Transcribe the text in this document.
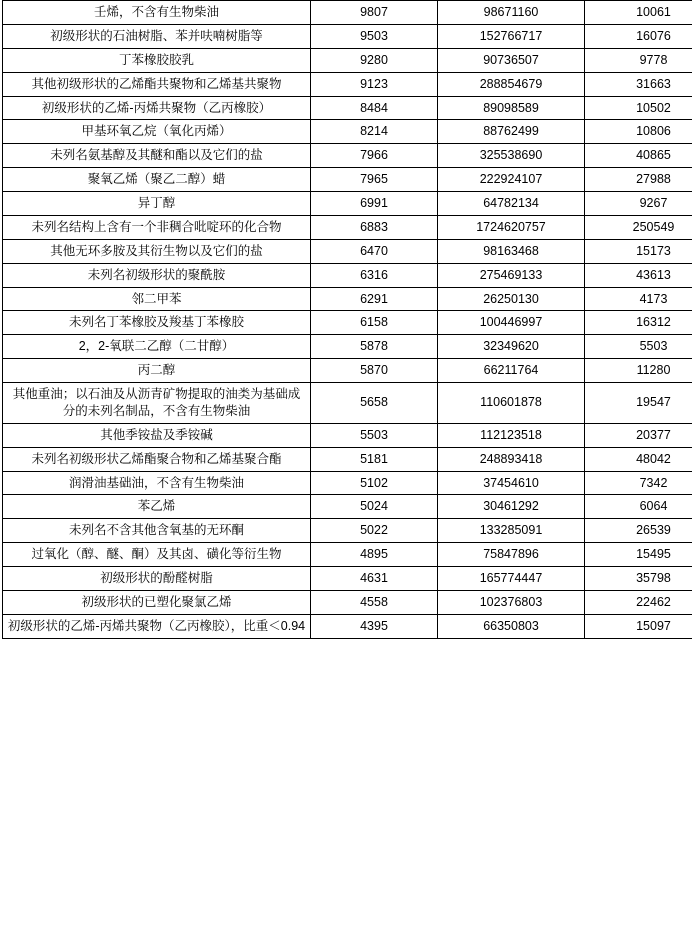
壬烯，不含有生物柴油	9807	98671160	10061
初级形状的石油树脂、苯并呋喃树脂等	9503	152766717	16076
丁苯橡胶胶乳	9280	90736507	9778
其他初级形状的乙烯酯共聚物和乙烯基共聚物	9123	288854679	31663
初级形状的乙烯-丙烯共聚物（乙丙橡胶）	8484	89098589	10502
甲基环氧乙烷（氧化丙烯）	8214	88762499	10806
未列名氨基醇及其醚和酯以及它们的盐	7966	325538690	40865
聚氧乙烯（聚乙二醇）蜡	7965	222924107	27988
异丁醇	6991	64782134	9267
未列名结构上含有一个非稠合吡啶环的化合物	6883	1724620757	250549
其他无环多胺及其衍生物以及它们的盐	6470	98163468	15173
未列名初级形状的聚酰胺	6316	275469133	43613
邻二甲苯	6291	26250130	4173
未列名丁苯橡胶及羧基丁苯橡胶	6158	100446997	16312
2，2-氧联二乙醇（二甘醇）	5878	32349620	5503
丙二醇	5870	66211764	11280
其他重油；以石油及从沥青矿物提取的油类为基础成分的未列名制品，不含有生物柴油	5658	110601878	19547
其他季铵盐及季铵碱	5503	112123518	20377
未列名初级形状乙烯酯聚合物和乙烯基聚合酯	5181	248893418	48042
润滑油基础油，不含有生物柴油	5102	37454610	7342
苯乙烯	5024	30461292	6064
未列名不含其他含氧基的无环酮	5022	133285091	26539
过氧化（醇、醚、酮）及其卤、磺化等衍生物	4895	75847896	15495
初级形状的酚醛树脂	4631	165774447	35798
初级形状的已塑化聚氯乙烯	4558	102376803	22462
初级形状的乙烯-丙烯共聚物（乙丙橡胶），比重＜0.94	4395	66350803	15097
